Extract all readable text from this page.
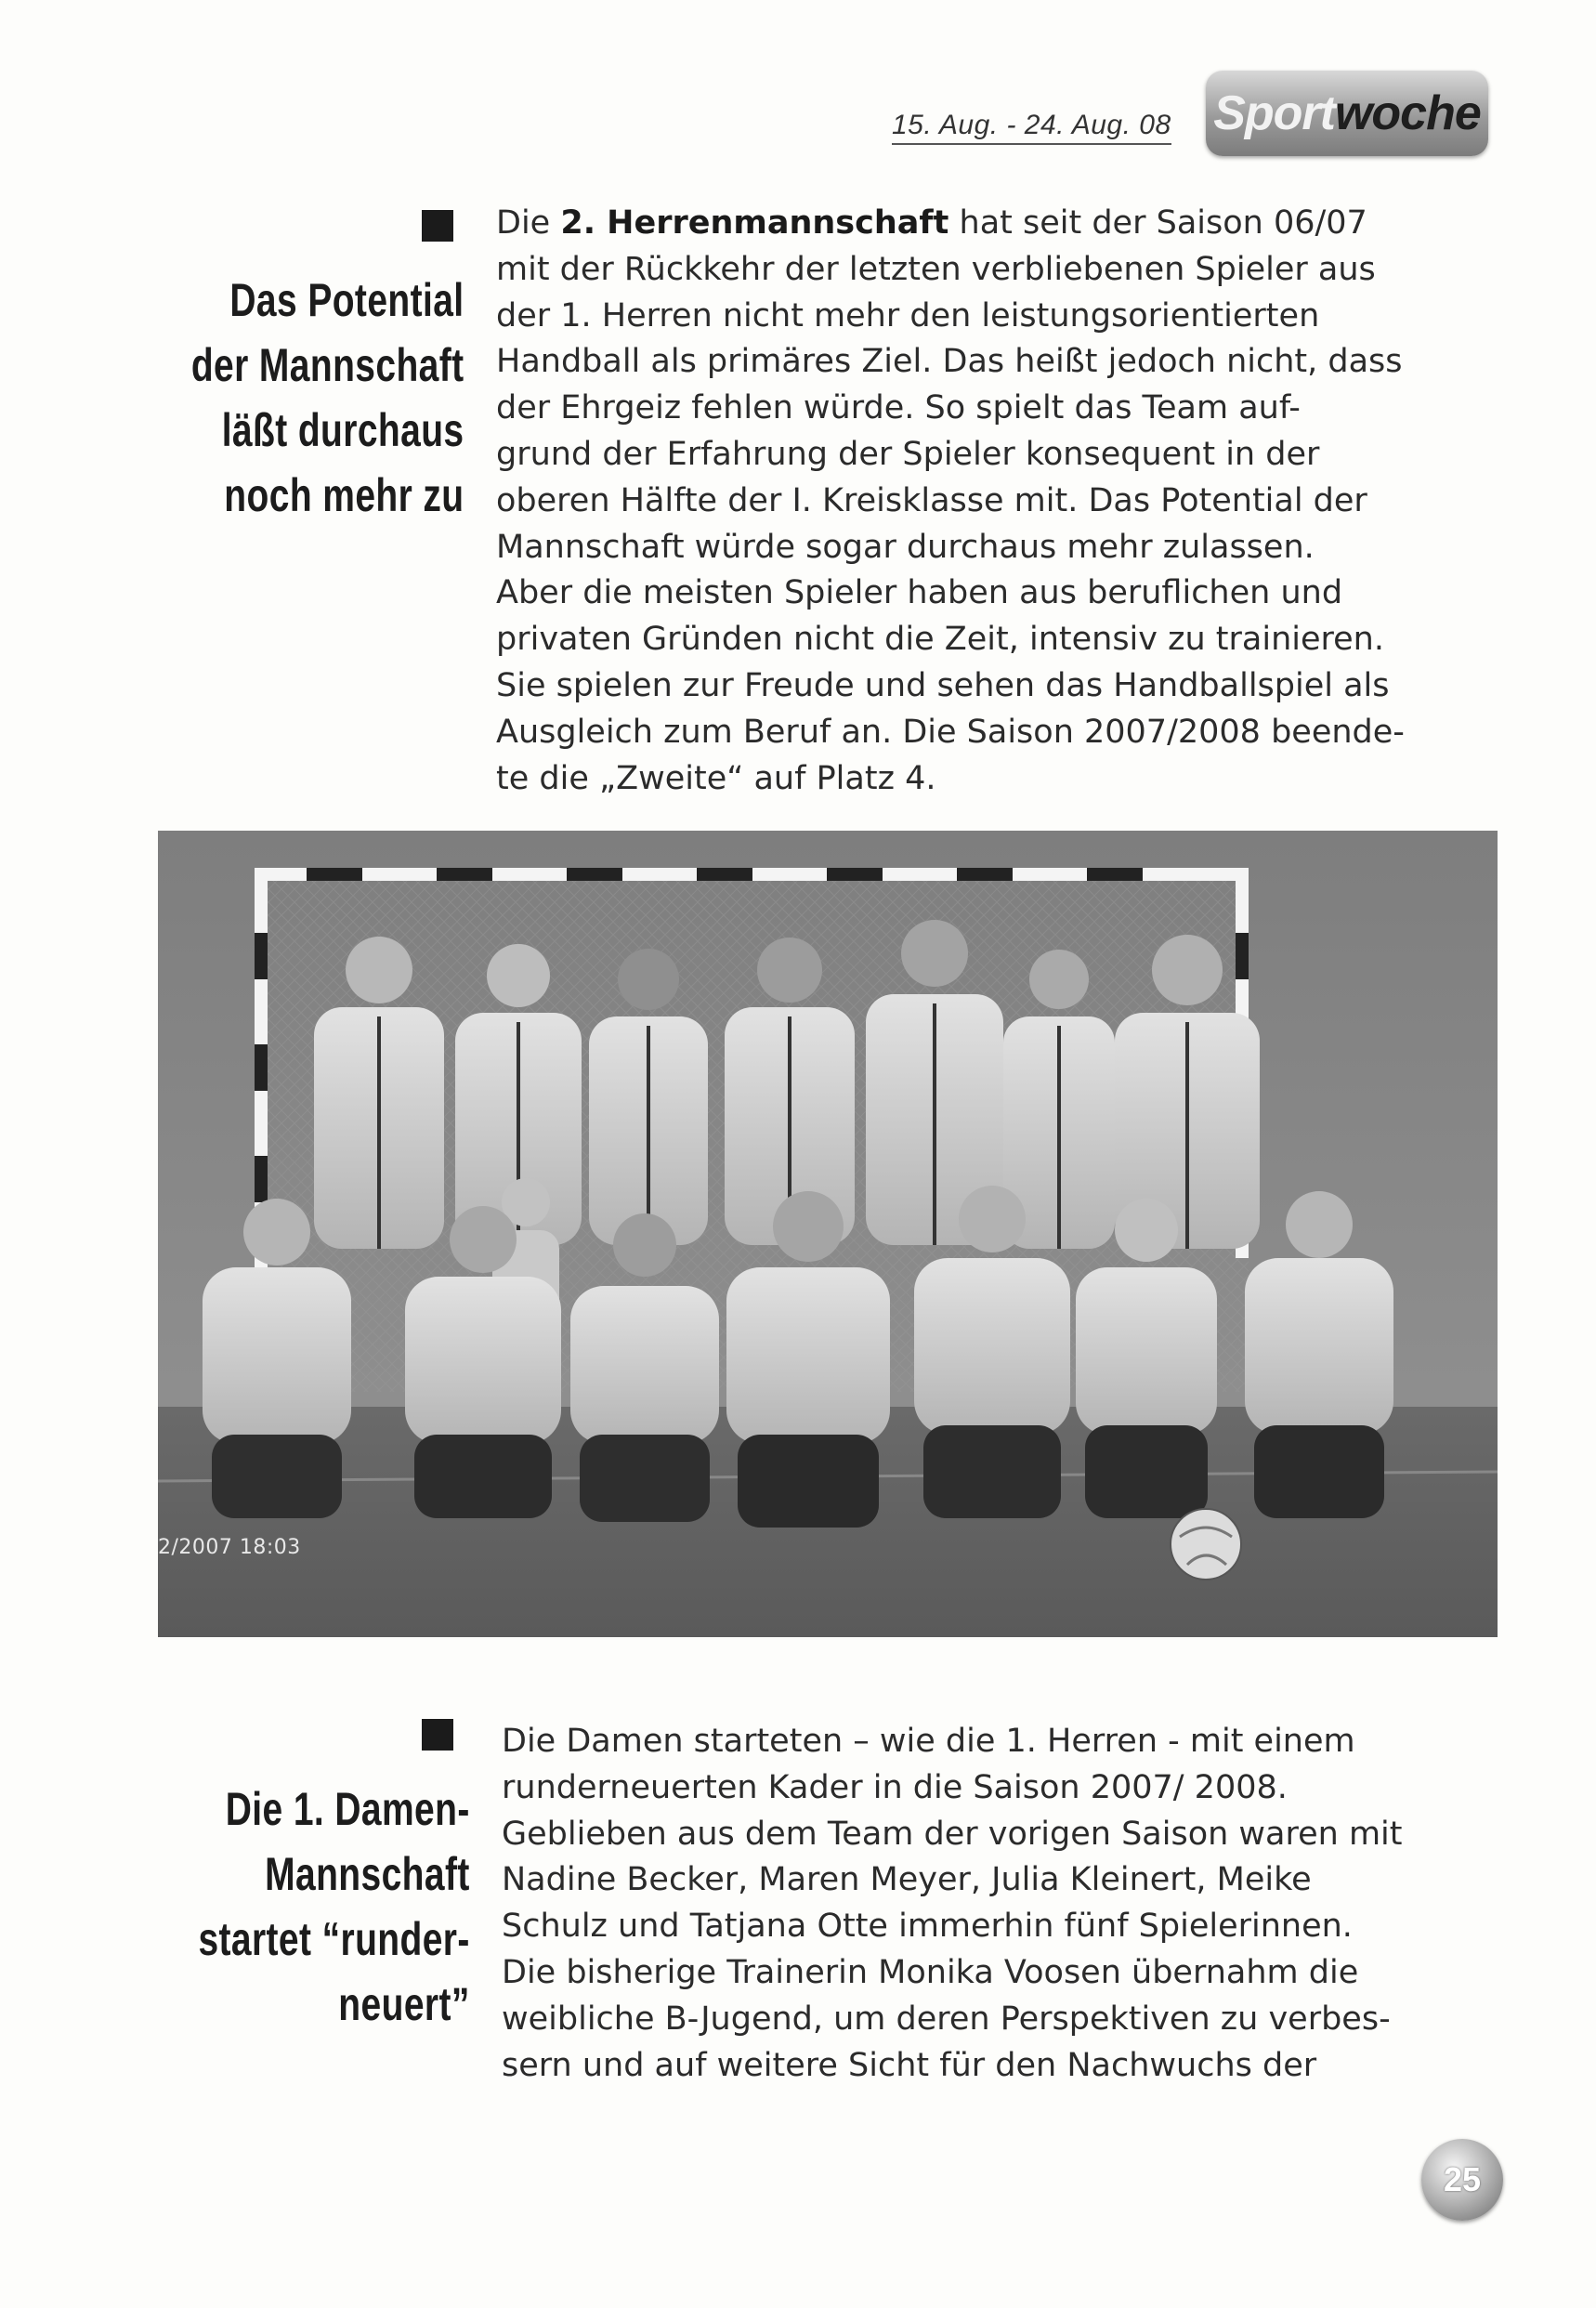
15. Aug. - 24. Aug. 08 Sport woche
Das Potential
der Mannschaft
läßt durchaus
noch mehr zu
Die 2. Herrenmannschaft hat seit der Saison 06/07
mit der Rückkehr der letzten verbliebenen Spieler aus
der 1. Herren nicht mehr den leistungsorientierten
Handball als primäres Ziel. Das heißt jedoch nicht, dass
der Ehrgeiz fehlen würde. So spielt das Team auf-
grund der Erfahrung der Spieler konsequent in der
oberen Hälfte der I. Kreisklasse mit. Das Potential der
Mannschaft würde sogar durchaus mehr zulassen.
Aber die meisten Spieler haben aus beruflichen und
privaten Gründen nicht die Zeit, intensiv zu trainieren.
Sie spielen zur Freude und sehen das Handballspiel als
Ausgleich zum Beruf an. Die Saison 2007/2008 beende-
te die „Zweite“ auf Platz 4.
2/2007 18:03
Die 1. Damen-
Mannschaft
startet “runder-
neuert”
Die Damen starteten – wie die 1. Herren - mit einem
runderneuerten Kader in die Saison 2007/ 2008.
Geblieben aus dem Team der vorigen Saison waren mit
Nadine Becker, Maren Meyer, Julia Kleinert, Meike
Schulz und Tatjana Otte immerhin fünf Spielerinnen.
Die bisherige Trainerin Monika Voosen übernahm die
weibliche B-Jugend, um deren Perspektiven zu verbes-
sern und auf weitere Sicht für den Nachwuchs der
25
